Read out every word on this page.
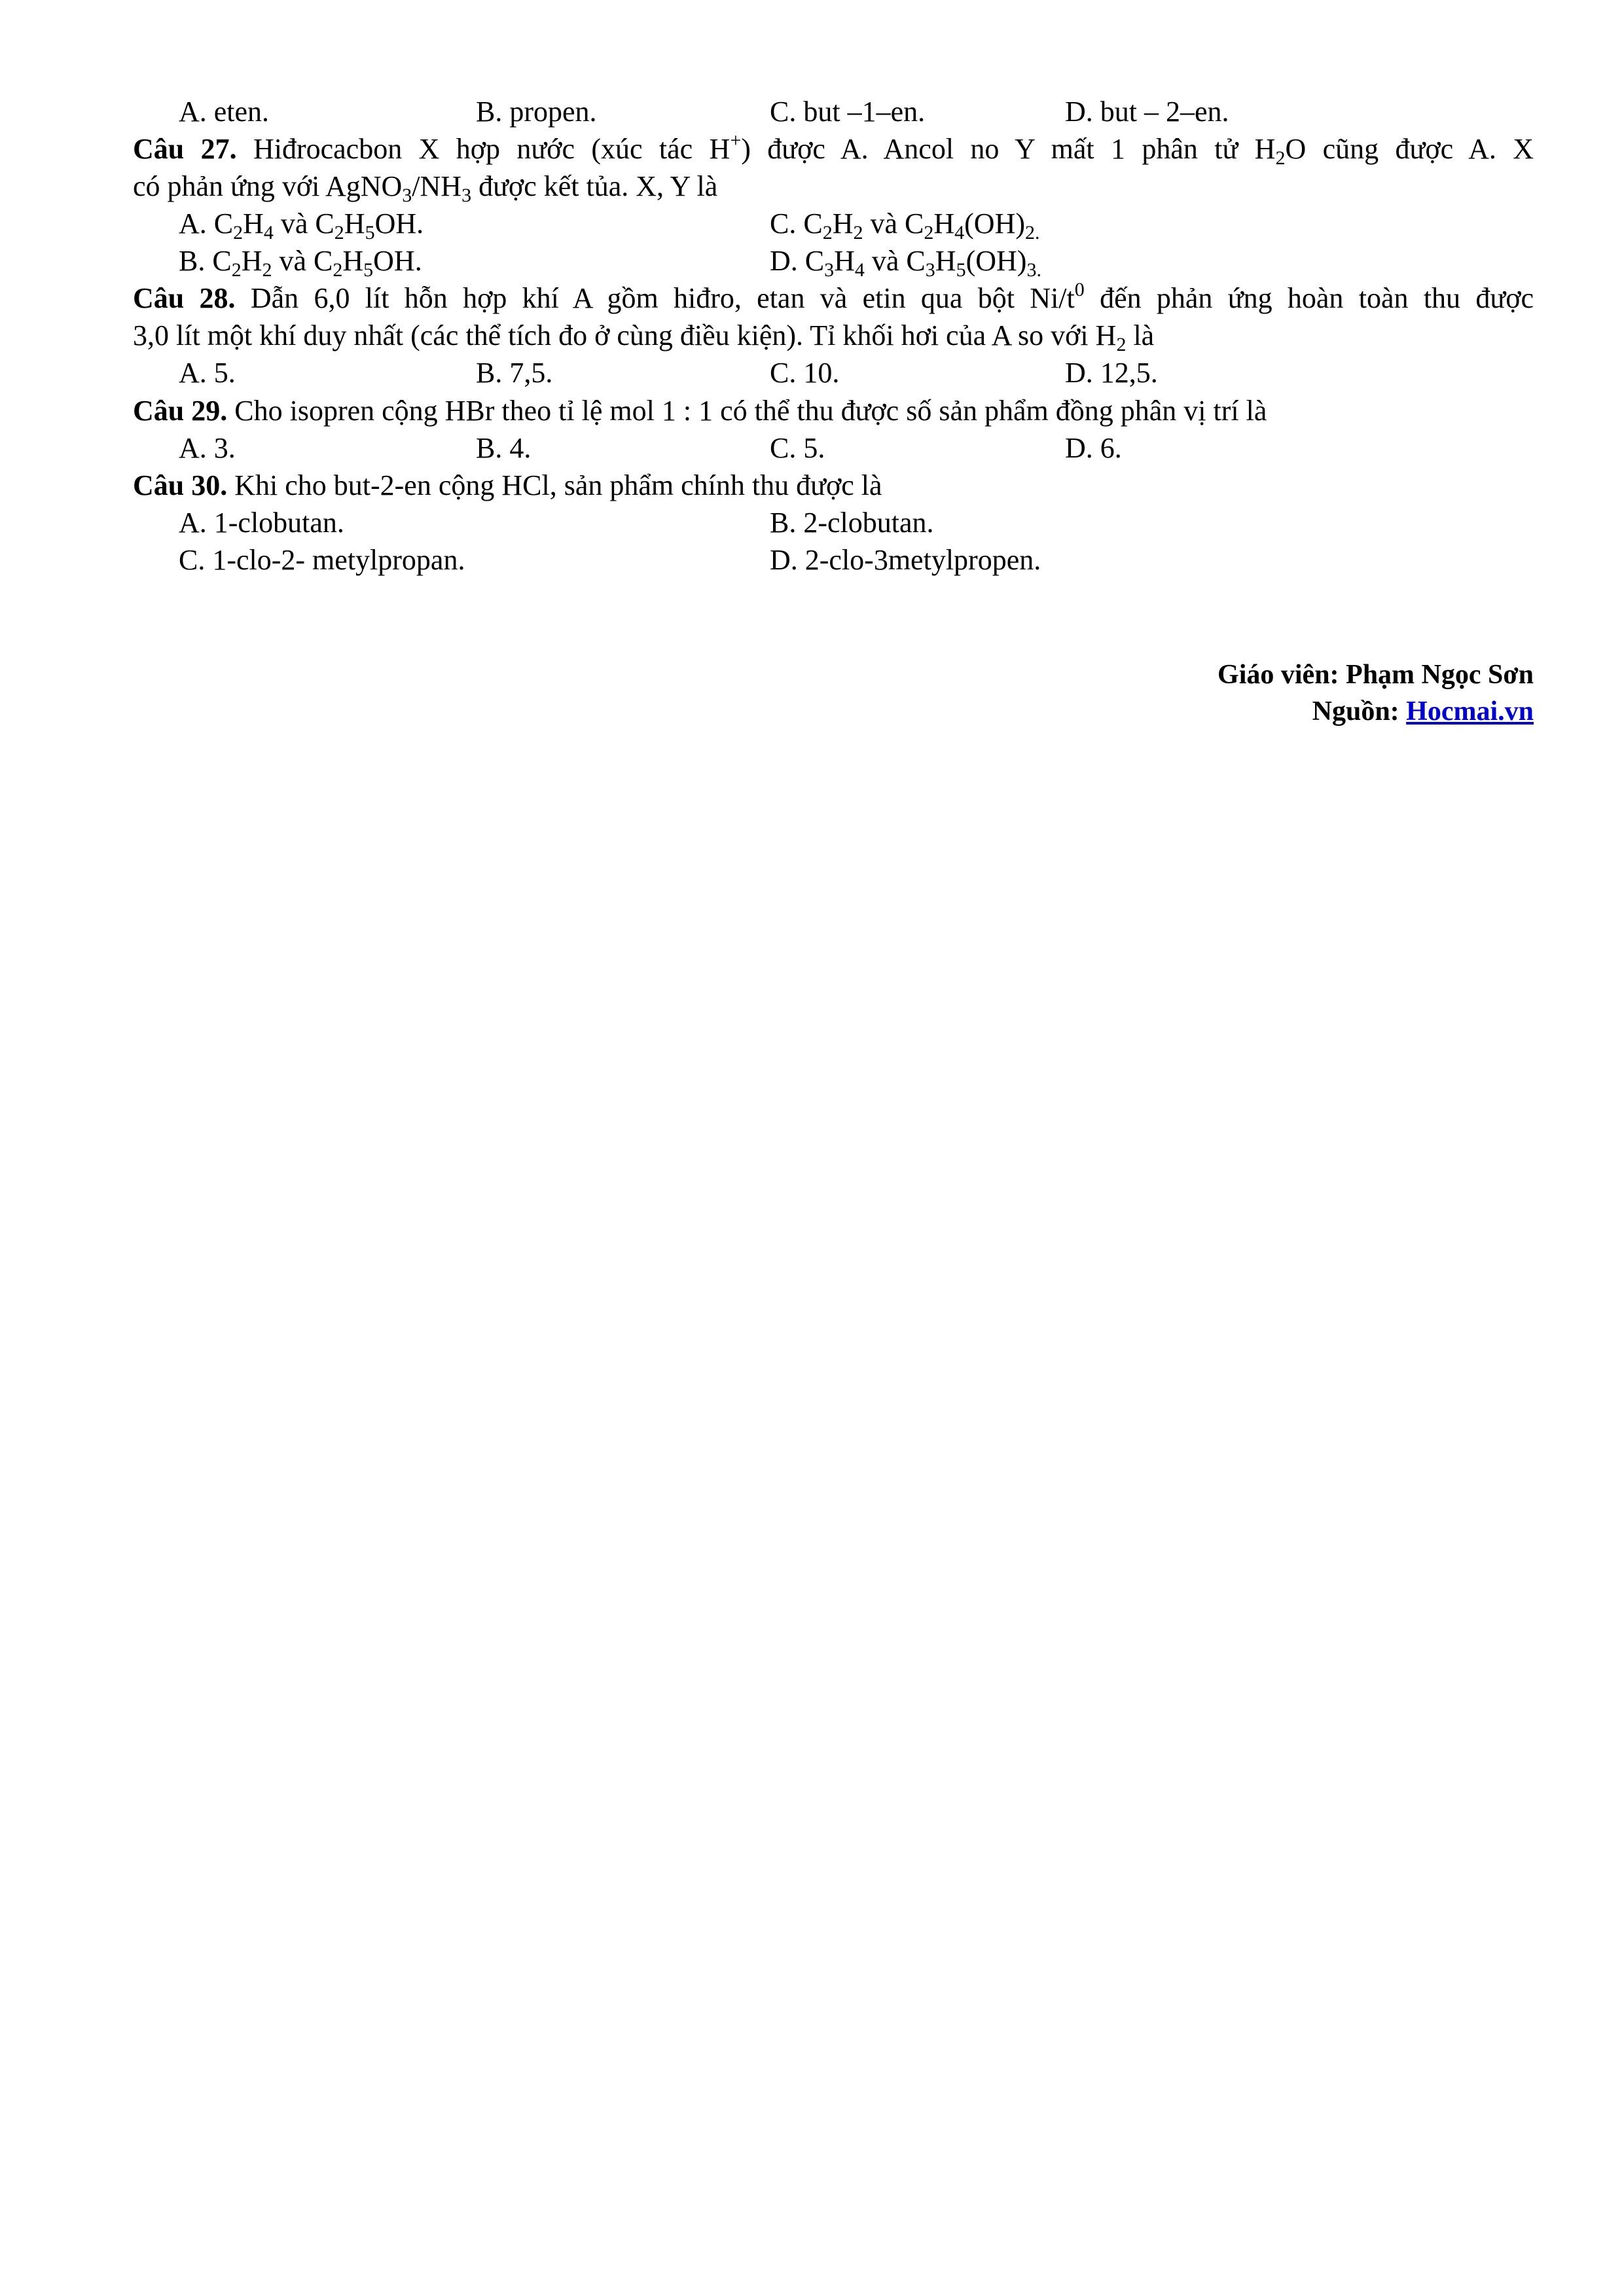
A. eten.	B. propen.	C. but –1–en.	D. but – 2–en.
Câu 27. Hiđrocacbon X hợp nước (xúc tác H+) được A. Ancol no Y mất 1 phân tử $H_2O$ cũng được A. X
có phản ứng với $AgNO_3/NH_3$ được kết tủa. X, Y là
A. $C_2H_4$ và $C_2H_5OH$.	C. $C_2H_2$ và $C_2H_4(OH)_{2.}$
B. $C_2H_2$ và $C_2H_5OH$.	D. $C_3H_4$ và $C_3H_5(OH)_{3.}$
Câu 28. Dẫn 6,0 lít hỗn hợp khí A gồm hiđro, etan và etin qua bột $Ni/t^0$ đến phản ứng hoàn toàn thu được
3,0 lít một khí duy nhất (các thể tích đo ở cùng điều kiện). Tỉ khối hơi của A so với $H_2$ là
A. 5.	B. 7,5.	C. 10.	D. 12,5.
Câu 29. Cho isopren cộng HBr theo tỉ lệ mol 1 : 1 có thể thu được số sản phẩm đồng phân vị trí là
A. 3.	B. 4.	C. 5.	D. 6.
Câu 30. Khi cho but-2-en cộng HCl, sản phẩm chính thu được là
A. 1-clobutan.	B. 2-clobutan.
C. 1-clo-2- metylpropan.	D. 2-clo-3metylpropen.
Giáo viên: Phạm Ngọc Sơn
Nguồn: Hocmai.vn
